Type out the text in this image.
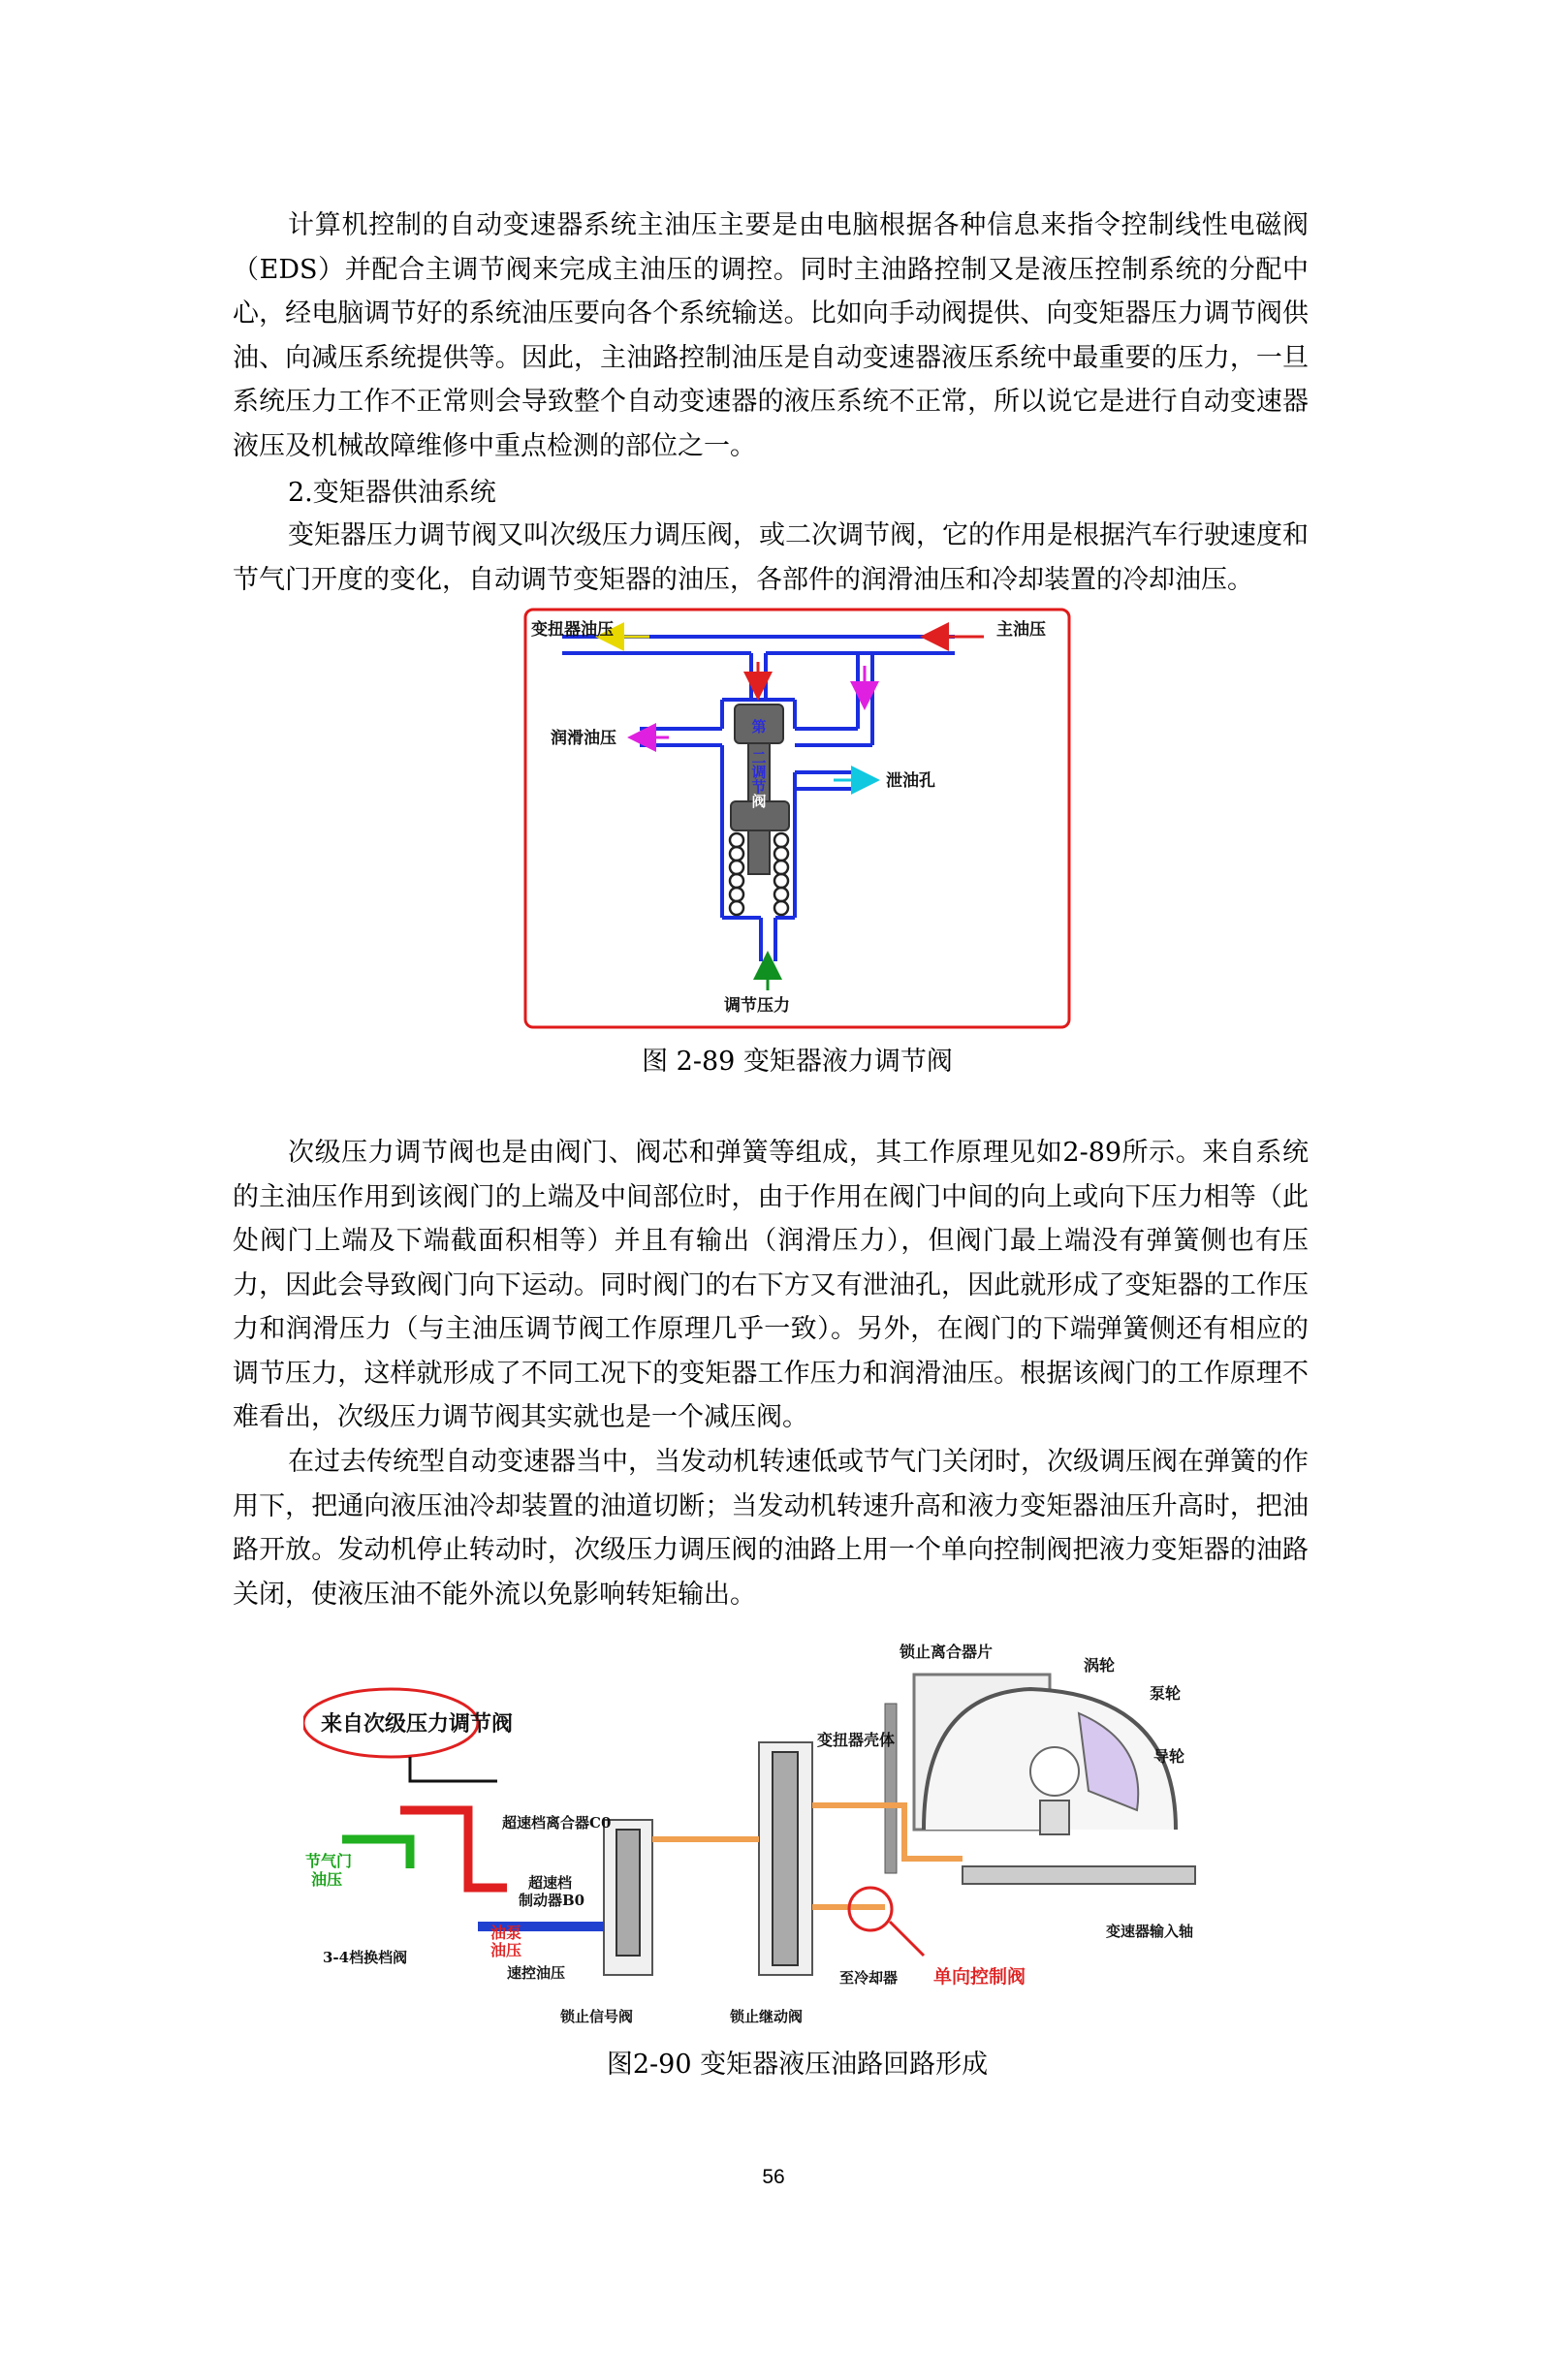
计算机控制的自动变速器系统主油压主要是由电脑根据各种信息来指令控制线性电磁阀（EDS）并配合主调节阀来完成主油压的调控。同时主油路控制又是液压控制系统的分配中心，经电脑调节好的系统油压要向各个系统输送。比如向手动阀提供、向变矩器压力调节阀供油、向减压系统提供等。因此，主油路控制油压是自动变速器液压系统中最重要的压力，一旦系统压力工作不正常则会导致整个自动变速器的液压系统不正常，所以说它是进行自动变速器液压及机械故障维修中重点检测的部位之一。

2.变矩器供油系统

变矩器压力调节阀又叫次级压力调压阀，或二次调节阀，它的作用是根据汽车行驶速度和节气门开度的变化，自动调节变矩器的油压，各部件的润滑油压和冷却装置的冷却油压。

第
二
调
节
阀
变扭器油压	主油压
润滑油压
泄油孔
调节压力

图 2-89 变矩器液力调节阀

次级压力调节阀也是由阀门、阀芯和弹簧等组成，其工作原理见如2-89所示。来自系统的主油压作用到该阀门的上端及中间部位时，由于作用在阀门中间的向上或向下压力相等（此处阀门上端及下端截面积相等）并且有输出（润滑压力），但阀门最上端没有弹簧侧也有压力，因此会导致阀门向下运动。同时阀门的右下方又有泄油孔，因此就形成了变矩器的工作压力和润滑压力（与主油压调节阀工作原理几乎一致）。另外，在阀门的下端弹簧侧还有相应的调节压力，这样就形成了不同工况下的变矩器工作压力和润滑油压。根据该阀门的工作原理不难看出，次级压力调节阀其实就也是一个减压阀。

在过去传统型自动变速器当中，当发动机转速低或节气门关闭时，次级调压阀在弹簧的作用下，把通向液压油冷却装置的油道切断；当发动机转速升高和液力变矩器油压升高时，把油路开放。发动机停止转动时，次级压力调压阀的油路上用一个单向控制阀把液力变矩器的油路关闭，使液压油不能外流以免影响转矩输出。

锁止离合器片
涡轮
泵轮
变扭器壳体
导轮
来自次级压力调节阀
超速档离合器C0
节气门
油压	超速档
制动器B0
油泵
油压
3-4档换档阀
速控油压	至冷却器 单向控制阀
变速器输入轴
锁止信号阀	锁止继动阀

图2-90 变矩器液压油路回路形成

56
